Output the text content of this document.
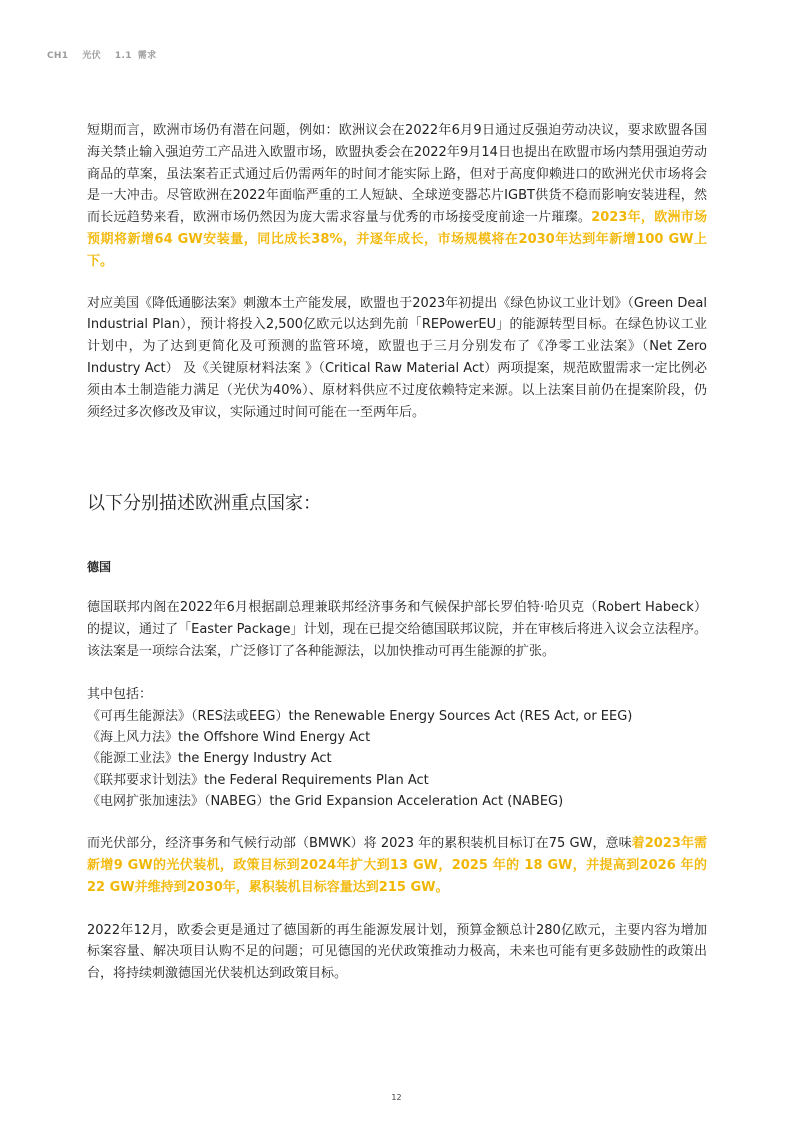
CH1 光伏 1.1 需求

短期而言，欧洲市场仍有潜在问题，例如：欧洲议会在2022年6月9日通过反强迫劳动决议，要求欧盟各国海关禁止输入强迫劳工产品进入欧盟市场，欧盟执委会在2022年9月14日也提出在欧盟市场内禁用强迫劳动商品的草案，虽法案若正式通过后仍需两年的时间才能实际上路，但对于高度仰赖进口的欧洲光伏市场将会是一大冲击。尽管欧洲在2022年面临严重的工人短缺、全球逆变器芯片IGBT供货不稳而影响安装进程，然而长远趋势来看，欧洲市场仍然因为庞大需求容量与优秀的市场接受度前途一片璀璨。2023年，欧洲市场预期将新增64 GW安装量，同比成长38%，并逐年成长，市场规模将在2030年达到年新增100 GW上下。

对应美国《降低通膨法案》刺激本土产能发展，欧盟也于2023年初提出《绿色协议工业计划》（Green Deal Industrial Plan），预计将投入2,500亿欧元以达到先前「REPowerEU」的能源转型目标。在绿色协议工业计划中，为了达到更简化及可预测的监管环境，欧盟也于三月分别发布了《净零工业法案》（Net Zero Industry Act） 及《关键原材料法案 》（Critical Raw Material Act）两项提案，规范欧盟需求一定比例必须由本土制造能力满足（光伏为40%）、原材料供应不过度依赖特定来源。以上法案目前仍在提案阶段，仍须经过多次修改及审议，实际通过时间可能在一至两年后。

以下分别描述欧洲重点国家：
德国

德国联邦内阁在2022年6月根据副总理兼联邦经济事务和气候保护部长罗伯特·哈贝克（Robert Habeck）的提议，通过了「Easter Package」计划，现在已提交给德国联邦议院，并在审核后将进入议会立法程序。该法案是一项综合法案，广泛修订了各种能源法，以加快推动可再生能源的扩张。

其中包括：
《可再生能源法》（RES法或EEG）the Renewable Energy Sources Act (RES Act, or EEG)
《海上风力法》the Offshore Wind Energy Act
《能源工业法》the Energy Industry Act
《联邦要求计划法》the Federal Requirements Plan Act
《电网扩张加速法》（NABEG）the Grid Expansion Acceleration Act (NABEG)

而光伏部分，经济事务和气候行动部（BMWK）将 2023 年的累积装机目标订在75 GW，意味着2023年需新增9 GW的光伏装机，政策目标到2024年扩大到13 GW，2025 年的 18 GW，并提高到2026 年的22 GW并维持到2030年，累积装机目标容量达到215 GW。

2022年12月，欧委会更是通过了德国新的再生能源发展计划，预算金额总计280亿欧元，主要内容为增加标案容量、解决项目认购不足的问题；可见德国的光伏政策推动力极高，未来也可能有更多鼓励性的政策出台，将持续刺激德国光伏装机达到政策目标。

12
